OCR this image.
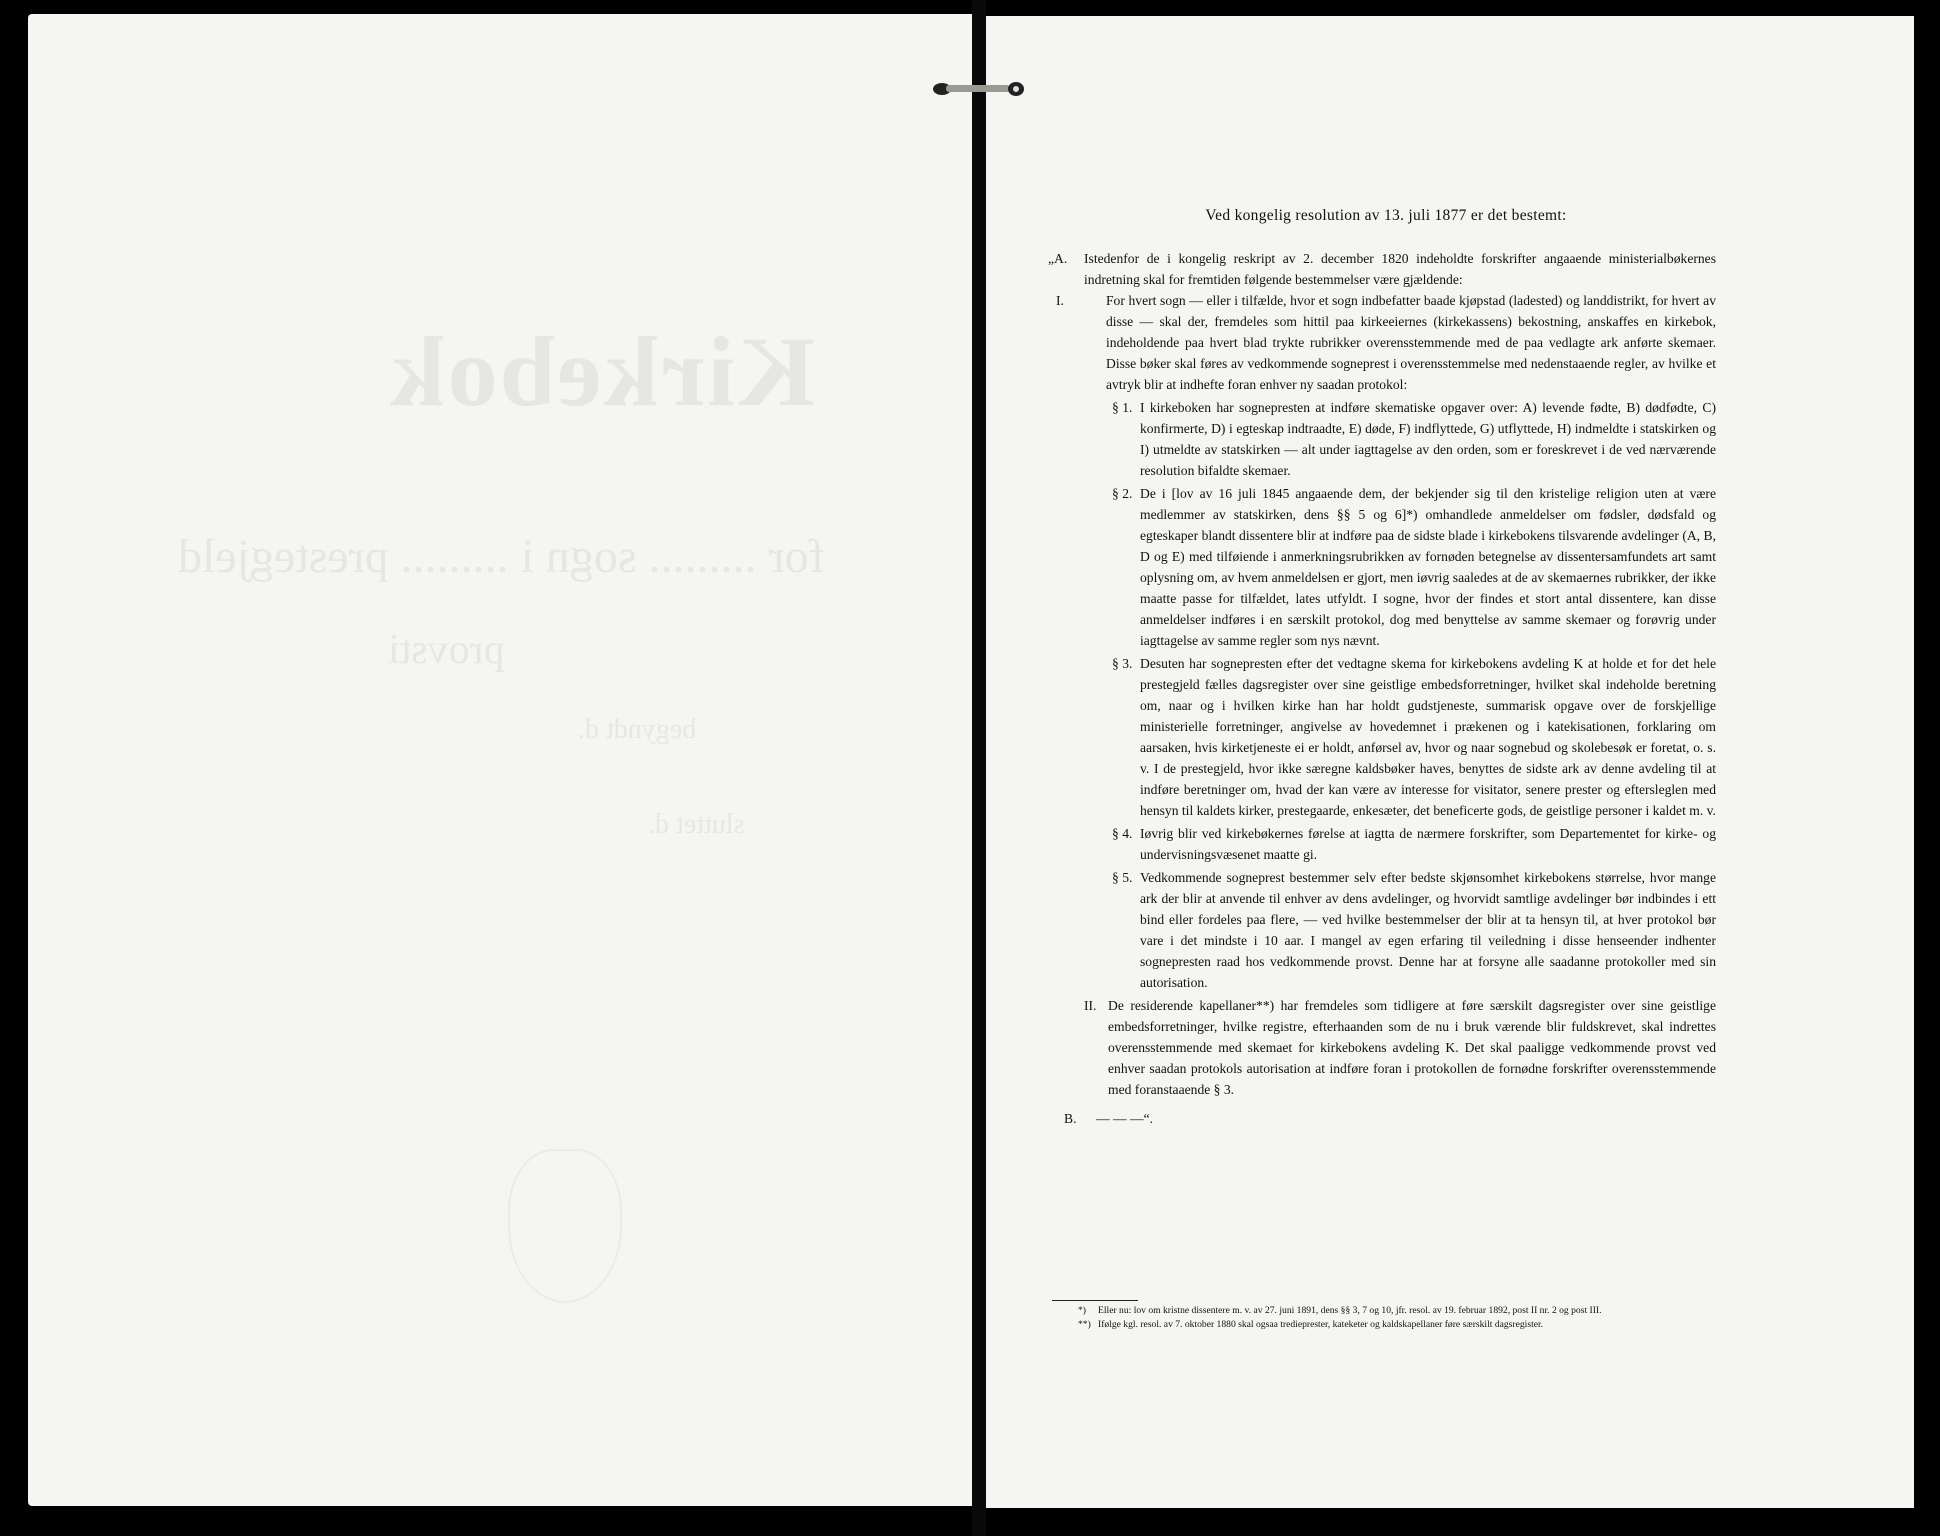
Kirkebok
for ......... sogn i ......... prestegjeld
provsti
begyndt d.
sluttet d.
Ved kongelig resolution av 13. juli 1877 er det bestemt:
„A.	Istedenfor de i kongelig reskript av 2. december 1820 indeholdte forskrifter angaaende ministerialbøkernes indretning skal for fremtiden følgende bestemmelser være gjældende:
I.	For hvert sogn — eller i tilfælde, hvor et sogn indbefatter baade kjøpstad (ladested) og landdistrikt, for hvert av disse — skal der, fremdeles som hittil paa kirkeeiernes (kirkekassens) bekostning, anskaffes en kirkebok, indeholdende paa hvert blad trykte rubrikker overensstemmende med de paa vedlagte ark anførte skemaer. Disse bøker skal føres av vedkommende sogneprest i overensstemmelse med nedenstaaende regler, av hvilke et avtryk blir at indhefte foran enhver ny saadan protokol:
§ 1. I kirkeboken har sognepresten at indføre skematiske opgaver over: A) levende fødte, B) dødfødte, C) konfirmerte, D) i egteskap indtraadte, E) døde, F) indflyttede, G) utflyttede, H) indmeldte i statskirken og I) utmeldte av statskirken — alt under iagttagelse av den orden, som er foreskrevet i de ved nærværende resolution bifaldte skemaer.
§ 2. De i [lov av 16 juli 1845 angaaende dem, der bekjender sig til den kristelige religion uten at være medlemmer av statskirken, dens §§ 5 og 6]*) omhandlede anmeldelser om fødsler, dødsfald og egteskaper blandt dissentere blir at indføre paa de sidste blade i kirkebokens tilsvarende avdelinger (A, B, D og E) med tilføiende i anmerkningsrubrikken av fornøden betegnelse av dissentersamfundets art samt oplysning om, av hvem anmeldelsen er gjort, men iøvrig saaledes at de av skemaernes rubrikker, der ikke maatte passe for tilfældet, lates utfyldt. I sogne, hvor der findes et stort antal dissentere, kan disse anmeldelser indføres i en særskilt protokol, dog med benyttelse av samme skemaer og forøvrig under iagttagelse av samme regler som nys nævnt.
§ 3. Desuten har sognepresten efter det vedtagne skema for kirkebokens avdeling K at holde et for det hele prestegjeld fælles dagsregister over sine geistlige embedsforretninger, hvilket skal indeholde beretning om, naar og i hvilken kirke han har holdt gudstjeneste, summarisk opgave over de forskjellige ministerielle forretninger, angivelse av hovedemnet i prækenen og i katekisationen, forklaring om aarsaken, hvis kirketjeneste ei er holdt, anførsel av, hvor og naar sognebud og skolebesøk er foretat, o. s. v. I de prestegjeld, hvor ikke særegne kaldsbøker haves, benyttes de sidste ark av denne avdeling til at indføre beretninger om, hvad der kan være av interesse for visitator, senere prester og eftersleglen med hensyn til kaldets kirker, prestegaarde, enkesæter, det beneficerte gods, de geistlige personer i kaldet m. v.
§ 4. Iøvrig blir ved kirkebøkernes førelse at iagtta de nærmere forskrifter, som Departementet for kirke- og undervisningsvæsenet maatte gi.
§ 5. Vedkommende sogneprest bestemmer selv efter bedste skjønsomhet kirkebokens størrelse, hvor mange ark der blir at anvende til enhver av dens avdelinger, og hvorvidt samtlige avdelinger bør indbindes i ett bind eller fordeles paa flere, — ved hvilke bestemmelser der blir at ta hensyn til, at hver protokol bør vare i det mindste i 10 aar. I mangel av egen erfaring til veiledning i disse henseender indhenter sognepresten raad hos vedkommende provst. Denne har at forsyne alle saadanne protokoller med sin autorisation.
II. De residerende kapellaner**) har fremdeles som tidligere at føre særskilt dagsregister over sine geistlige embedsforretninger, hvilke registre, efterhaanden som de nu i bruk værende blir fuldskrevet, skal indrettes overensstemmende med skemaet for kirkebokens avdeling K. Det skal paaligge vedkommende provst ved enhver saadan protokols autorisation at indføre foran i protokollen de fornødne forskrifter overensstemmende med foranstaaende § 3.
B.	— — —“.
*) Eller nu: lov om kristne dissentere m. v. av 27. juni 1891, dens §§ 3, 7 og 10, jfr. resol. av 19. februar 1892, post II nr. 2 og post III.
**) Ifølge kgl. resol. av 7. oktober 1880 skal ogsaa tredieprester, kateketer og kaldskapellaner føre særskilt dagsregister.
